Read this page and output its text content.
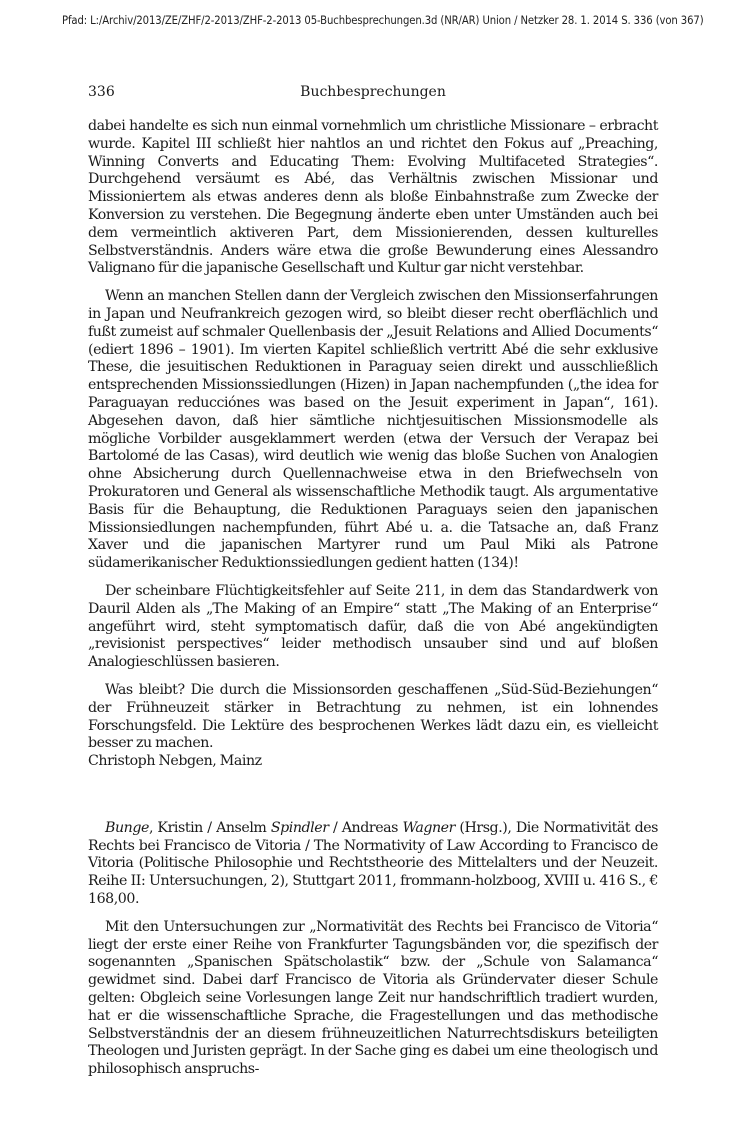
Pfad: L:/Archiv/2013/ZE/ZHF/2-2013/ZHF-2-2013 05-Buchbesprechungen.3d (NR/AR) Union / Netzker 28. 1. 2014 S. 336 (von 367)
336	Buchbesprechungen

dabei handelte es sich nun einmal vornehmlich um christliche Missionare – erbracht wurde. Kapitel III schließt hier nahtlos an und richtet den Fokus auf „Preaching, Winning Converts and Educating Them: Evolving Multifaceted Strategies“. Durchgehend versäumt es Abé, das Verhältnis zwischen Missionar und Missioniertem als etwas anderes denn als bloße Einbahnstraße zum Zwecke der Konversion zu verstehen. Die Begegnung änderte eben unter Umständen auch bei dem vermeintlich aktiveren Part, dem Missionierenden, dessen kulturelles Selbstverständnis. Anders wäre etwa die große Bewunderung eines Alessandro Valignano für die japanische Gesellschaft und Kultur gar nicht verstehbar.

Wenn an manchen Stellen dann der Vergleich zwischen den Missionserfahrungen in Japan und Neufrankreich gezogen wird, so bleibt dieser recht oberflächlich und fußt zumeist auf schmaler Quellenbasis der „Jesuit Relations and Allied Documents“ (ediert 1896 – 1901). Im vierten Kapitel schließlich vertritt Abé die sehr exklusive These, die jesuitischen Reduktionen in Paraguay seien direkt und ausschließlich entsprechenden Missionssiedlungen (Hizen) in Japan nachempfunden („the idea for Paraguayan reducciónes was based on the Jesuit experiment in Japan“, 161). Abgesehen davon, daß hier sämtliche nichtjesuitischen Missionsmodelle als mögliche Vorbilder ausgeklammert werden (etwa der Versuch der Verapaz bei Bartolomé de las Casas), wird deutlich wie wenig das bloße Suchen von Analogien ohne Absicherung durch Quellennachweise etwa in den Briefwechseln von Prokuratoren und General als wissenschaftliche Methodik taugt. Als argumentative Basis für die Behauptung, die Reduktionen Paraguays seien den japanischen Missionsiedlungen nachempfunden, führt Abé u. a. die Tatsache an, daß Franz Xaver und die japanischen Martyrer rund um Paul Miki als Patrone südamerikanischer Reduktionssiedlungen gedient hatten (134)!

Der scheinbare Flüchtigkeitsfehler auf Seite 211, in dem das Standardwerk von Dauril Alden als „The Making of an Empire“ statt „The Making of an Enterprise“ angeführt wird, steht symptomatisch dafür, daß die von Abé angekündigten „revisionist perspectives“ leider methodisch unsauber sind und auf bloßen Analogieschlüssen basieren.

Was bleibt? Die durch die Missionsorden geschaffenen „Süd-Süd-Beziehungen“ der Frühneuzeit stärker in Betrachtung zu nehmen, ist ein lohnendes Forschungsfeld. Die Lektüre des besprochenen Werkes lädt dazu ein, es vielleicht besser zu machen.

Christoph Nebgen, Mainz

Bunge, Kristin / Anselm Spindler / Andreas Wagner (Hrsg.), Die Normativität des Rechts bei Francisco de Vitoria / The Normativity of Law According to Francisco de Vitoria (Politische Philosophie und Rechtstheorie des Mittelalters und der Neuzeit. Reihe II: Untersuchungen, 2), Stuttgart 2011, frommann-holzboog, XVIII u. 416 S., € 168,00.

Mit den Untersuchungen zur „Normativität des Rechts bei Francisco de Vitoria“ liegt der erste einer Reihe von Frankfurter Tagungsbänden vor, die spezifisch der sogenannten „Spanischen Spätscholastik“ bzw. der „Schule von Salamanca“ gewidmet sind. Dabei darf Francisco de Vitoria als Gründervater dieser Schule gelten: Obgleich seine Vorlesungen lange Zeit nur handschriftlich tradiert wurden, hat er die wissenschaftliche Sprache, die Fragestellungen und das methodische Selbstverständnis der an diesem frühneuzeitlichen Naturrechtsdiskurs beteiligten Theologen und Juristen geprägt. In der Sache ging es dabei um eine theologisch und philosophisch anspruchs-
